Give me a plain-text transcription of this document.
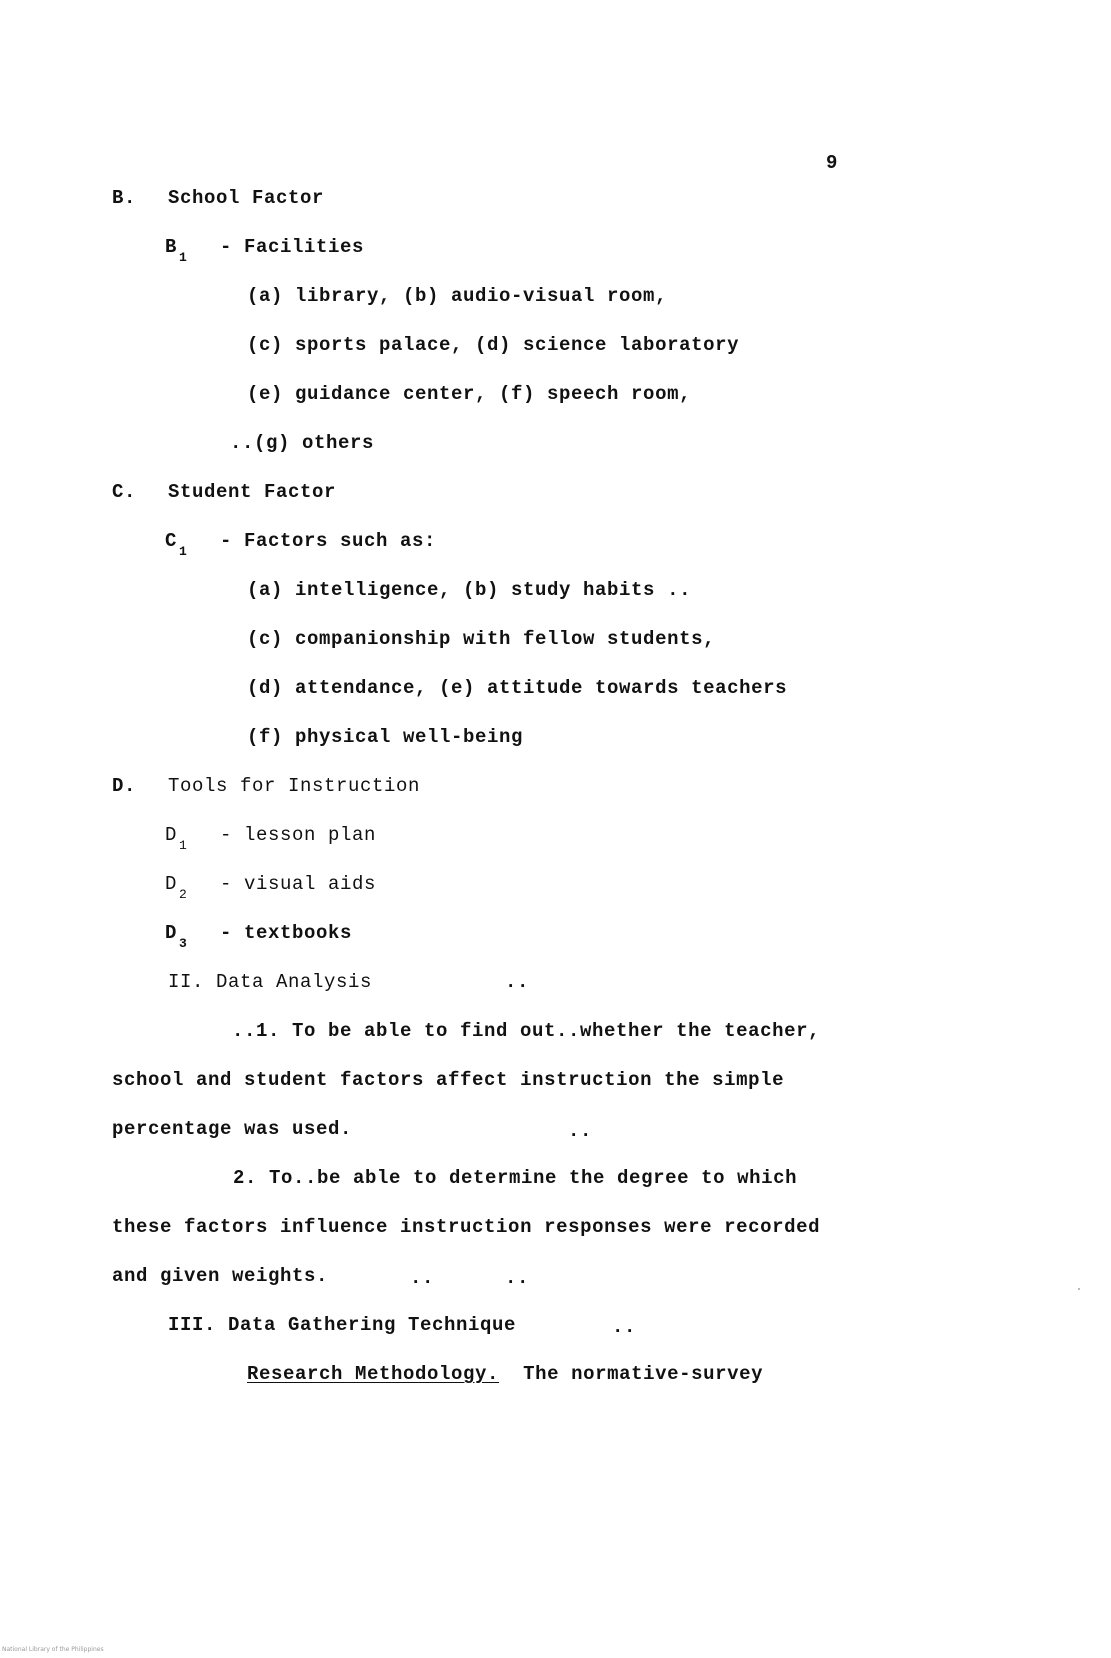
9
B. School Factor
B $_1$ - Facilities
(a) library, (b) audio-visual room,
(c) sports palace, (d) science laboratory
(e) guidance center, (f) speech room,
..(g) others
C. Student Factor
C $_1$ - Factors such as:
(a) intelligence, (b) study habits ..
(c) companionship with fellow students,
(d) attendance, (e) attitude towards teachers
(f) physical well-being
D. Tools for Instruction
D $_1$ - lesson plan
D $_2$ - visual aids
D $_3$ - textbooks
II. Data Analysis	..
..1. To be able to find out..whether the teacher,
school and student factors affect instruction the simple
percentage was used.	..
2. To..be able to determine the degree to which
these factors influence instruction responses were recorded
and given weights.	..	..
III. Data Gathering Technique	..
Research Methodology. The normative-survey
National Library of the Philippines
